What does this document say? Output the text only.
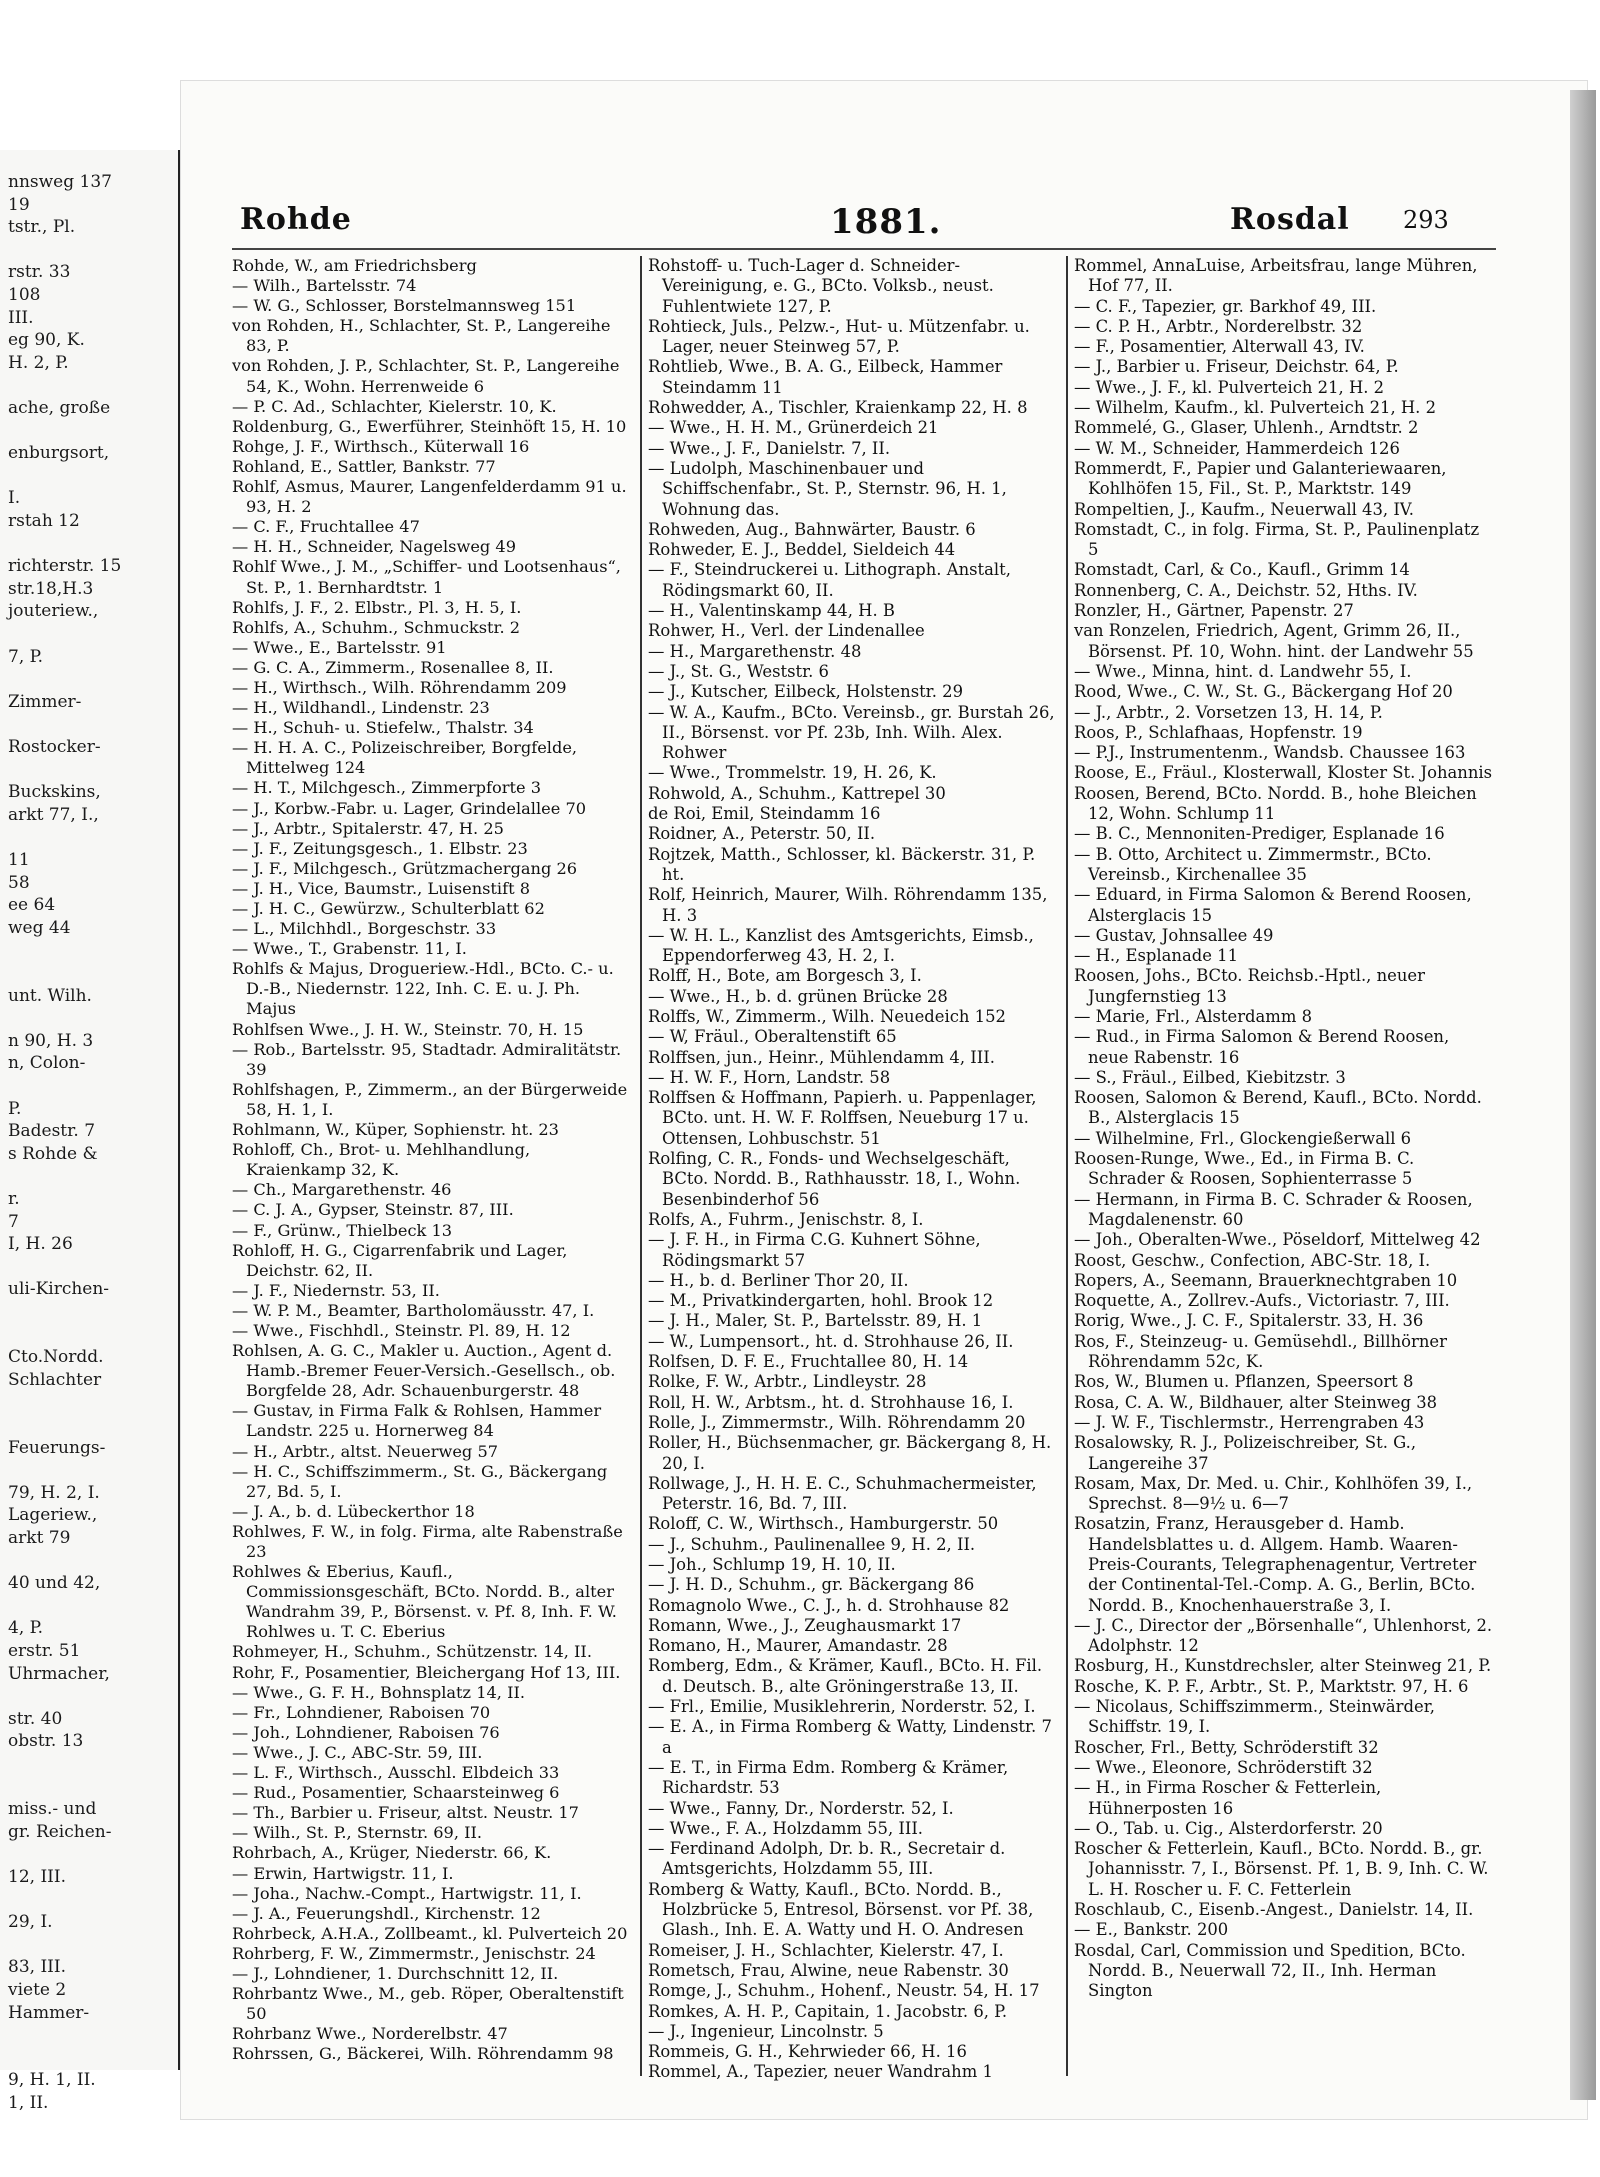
nnsweg 137
19
tstr., Pl.
rstr. 33
108
III.
eg 90, K.
H. 2, P.
ache, große
enburgsort,
I.
rstah 12
richterstr. 15
str.18,H.3
jouterіew.,
7, P.
Zimmer-
Rostocker-
Buckskins,
arkt 77, I.,
11
58
ee 64
weg 44
unt. Wilh.
n 90, H. 3
n, Colon-
P.
Badestr. 7
s Rohde &
r.
7
I, H. 26
uli-Kirchen-
Cto.Nordd.
Schlachter
Feuerungs-
79, H. 2, I.
Lagerіew.,
arkt 79
40 und 42,
4, P.
erstr. 51
Uhrmacher,
str. 40
obstr. 13
miss.- und
gr. Reichen-
12, III.
29, I.
83, III.
viete 2
Hammer-
9, H. 1, II.
1, II.
Rohde	1881.	Rosdal 293

Rohde, W., am Friedrichsberg

— Wilh., Bartelsstr. 74

— W. G., Schlosser, Borstelmannsweg 151

von Rohden, H., Schlachter, St. P., Langereihe 83, P.

von Rohden, J. P., Schlachter, St. P., Langereihe 54, K., Wohn. Herrenweide 6

— P. C. Ad., Schlachter, Kielerstr. 10, K.

Roldenburg, G., Ewerführer, Steinhöft 15, H. 10

Rohge, J. F., Wirthsch., Küterwall 16

Rohland, E., Sattler, Bankstr. 77

Rohlf, Asmus, Maurer, Langenfelderdamm 91 u. 93, H. 2

— C. F., Fruchtallee 47

— H. H., Schneider, Nagelsweg 49

Rohlf Wwe., J. M., „Schiffer- und Lootsenhaus“, St. P., 1. Bernhardtstr. 1

Rohlfs, J. F., 2. Elbstr., Pl. 3, H. 5, I.

Rohlfs, A., Schuhm., Schmuckstr. 2

— Wwe., E., Bartelsstr. 91

— G. C. A., Zimmerm., Rosenallee 8, II.

— H., Wirthsch., Wilh. Röhrendamm 209

— H., Wildhandl., Lindenstr. 23

— H., Schuh- u. Stiefelw., Thalstr. 34

— H. H. A. C., Polizeischreiber, Borgfelde, Mittelweg 124

— H. T., Milchgesch., Zimmerpforte 3

— J., Korbw.-Fabr. u. Lager, Grindelallee 70

— J., Arbtr., Spitalerstr. 47, H. 25

— J. F., Zeitungsgesch., 1. Elbstr. 23

— J. F., Milchgesch., Grützmachergang 26

— J. H., Vice, Baumstr., Luisenstift 8

— J. H. C., Gewürzw., Schulterblatt 62

— L., Milchhdl., Borgeschstr. 33

— Wwe., T., Grabenstr. 11, I.

Rohlfs & Majus, Drogueriew.-Hdl., BCto. C.- u. D.-B., Niedernstr. 122, Inh. C. E. u. J. Ph. Majus

Rohlfsen Wwe., J. H. W., Steinstr. 70, H. 15

— Rob., Bartelsstr. 95, Stadtadr. Admiralitätstr. 39

Rohlfshagen, P., Zimmerm., an der Bürgerweide 58, H. 1, I.

Rohlmann, W., Küper, Sophienstr. ht. 23

Rohloff, Ch., Brot- u. Mehlhandlung, Kraienkamp 32, K.

— Ch., Margarethenstr. 46

— C. J. A., Gypser, Steinstr. 87, III.

— F., Grünw., Thielbeck 13

Rohloff, H. G., Cigarrenfabrik und Lager, Deichstr. 62, II.

— J. F., Niedernstr. 53, II.

— W. P. M., Beamter, Bartholomäusstr. 47, I.

— Wwe., Fischhdl., Steinstr. Pl. 89, H. 12

Rohlsen, A. G. C., Makler u. Auction., Agent d. Hamb.-Bremer Feuer-Versich.-Gesellsch., ob. Borgfelde 28, Adr. Schauenburgerstr. 48

— Gustav, in Firma Falk & Rohlsen, Hammer Landstr. 225 u. Hornerweg 84

— H., Arbtr., altst. Neuerweg 57

— H. C., Schiffszimmerm., St. G., Bäckergang 27, Bd. 5, I.

— J. A., b. d. Lübeckerthor 18

Rohlwes, F. W., in folg. Firma, alte Rabenstraße 23

Rohlwes & Eberius, Kaufl., Commissionsgeschäft, BCto. Nordd. B., alter Wandrahm 39, P., Börsenst. v. Pf. 8, Inh. F. W. Rohlwes u. T. C. Eberius

Rohmeyer, H., Schuhm., Schützenstr. 14, II.

Rohr, F., Posamentier, Bleichergang Hof 13, III.

— Wwe., G. F. H., Bohnsplatz 14, II.

— Fr., Lohndiener, Raboisen 70

— Joh., Lohndiener, Raboisen 76

— Wwe., J. C., ABC-Str. 59, III.

— L. F., Wirthsch., Ausschl. Elbdeich 33

— Rud., Posamentier, Schaarsteinweg 6

— Th., Barbier u. Friseur, altst. Neustr. 17

— Wilh., St. P., Sternstr. 69, II.

Rohrbach, A., Krüger, Niederstr. 66, K.

— Erwin, Hartwigstr. 11, I.

— Joha., Nachw.-Compt., Hartwigstr. 11, I.

— J. A., Feuerungshdl., Kirchenstr. 12

Rohrbeck, A.H.A., Zollbeamt., kl. Pulverteich 20

Rohrberg, F. W., Zimmermstr., Jenischstr. 24

— J., Lohndiener, 1. Durchschnitt 12, II.

Rohrbantz Wwe., M., geb. Röper, Oberaltenstift 50

Rohrbanz Wwe., Norderelbstr. 47

Rohrssen, G., Bäckerei, Wilh. Röhrendamm 98

Rohstoff- u. Tuch-Lager d. Schneider-Vereinigung, e. G., BCto. Volksb., neust. Fuhlentwiete 127, P.

Rohtieck, Juls., Pelzw.-, Hut- u. Mützenfabr. u. Lager, neuer Steinweg 57, P.

Rohtlieb, Wwe., B. A. G., Eilbeck, Hammer Steindamm 11

Rohwedder, A., Tischler, Kraienkamp 22, H. 8

— Wwe., H. H. M., Grünerdeich 21

— Wwe., J. F., Danielstr. 7, II.

— Ludolph, Maschinenbauer und Schiffschenfabr., St. P., Sternstr. 96, H. 1, Wohnung das.

Rohweden, Aug., Bahnwärter, Baustr. 6

Rohweder, E. J., Beddel, Sieldeich 44

— F., Steindruckerei u. Lithograph. Anstalt, Rödingsmarkt 60, II.

— H., Valentinskamp 44, H. B

Rohwer, H., Verl. der Lindenallee

— H., Margarethenstr. 48

— J., St. G., Weststr. 6

— J., Kutscher, Eilbeck, Holstenstr. 29

— W. A., Kaufm., BCto. Vereinsb., gr. Burstah 26, II., Börsenst. vor Pf. 23b, Inh. Wilh. Alex. Rohwer

— Wwe., Trommelstr. 19, H. 26, K.

Rohwold, A., Schuhm., Kattrepel 30

de Roi, Emil, Steindamm 16

Roidner, A., Peterstr. 50, II.

Rojtzek, Matth., Schlosser, kl. Bäckerstr. 31, P. ht.

Rolf, Heinrich, Maurer, Wilh. Röhrendamm 135, H. 3

— W. H. L., Kanzlist des Amtsgerichts, Eimsb., Eppendorferweg 43, H. 2, I.

Rolff, H., Bote, am Borgesch 3, I.

— Wwe., H., b. d. grünen Brücke 28

Rolffs, W., Zimmerm., Wilh. Neuedeich 152

— W, Fräul., Oberaltenstift 65

Rolffsen, jun., Heinr., Mühlendamm 4, III.

— H. W. F., Horn, Landstr. 58

Rolffsen & Hoffmann, Papierh. u. Pappenlager, BCto. unt. H. W. F. Rolffsen, Neueburg 17 u. Ottensen, Lohbuschstr. 51

Rolfing, C. R., Fonds- und Wechselgeschäft, BCto. Nordd. B., Rathhausstr. 18, I., Wohn. Besenbinderhof 56

Rolfs, A., Fuhrm., Jenischstr. 8, I.

— J. F. H., in Firma C.G. Kuhnert Söhne, Rödingsmarkt 57

— H., b. d. Berliner Thor 20, II.

— M., Privatkindergarten, hohl. Brook 12

— J. H., Maler, St. P., Bartelsstr. 89, H. 1

— W., Lumpensort., ht. d. Strohhause 26, II.

Rolfsen, D. F. E., Fruchtallee 80, H. 14

Rolke, F. W., Arbtr., Lindleystr. 28

Roll, H. W., Arbtsm., ht. d. Strohhause 16, I.

Rolle, J., Zimmermstr., Wilh. Röhrendamm 20

Roller, H., Büchsenmacher, gr. Bäckergang 8, H. 20, I.

Rollwage, J., H. H. E. C., Schuhmachermeister, Peterstr. 16, Bd. 7, III.

Roloff, C. W., Wirthsch., Hamburgerstr. 50

— J., Schuhm., Paulinenallee 9, H. 2, II.

— Joh., Schlump 19, H. 10, II.

— J. H. D., Schuhm., gr. Bäckergang 86

Romagnolo Wwe., C. J., h. d. Strohhause 82

Romann, Wwe., J., Zeughausmarkt 17

Romano, H., Maurer, Amandastr. 28

Romberg, Edm., & Krämer, Kaufl., BCto. H. Fil. d. Deutsch. B., alte Gröningerstraße 13, II.

— Frl., Emilie, Musiklehrerin, Norderstr. 52, I.

— E. A., in Firma Romberg & Watty, Lindenstr. 7 a

— E. T., in Firma Edm. Romberg & Krämer, Richardstr. 53

— Wwe., Fanny, Dr., Norderstr. 52, I.

— Wwe., F. A., Holzdamm 55, III.

— Ferdinand Adolph, Dr. b. R., Secretair d. Amtsgerichts, Holzdamm 55, III.

Romberg & Watty, Kaufl., BCto. Nordd. B., Holzbrücke 5, Entresol, Börsenst. vor Pf. 38, Glash., Inh. E. A. Watty und H. O. Andresen

Romeiser, J. H., Schlachter, Kielerstr. 47, I.

Rometsch, Frau, Alwine, neue Rabenstr. 30

Romge, J., Schuhm., Hohenf., Neustr. 54, H. 17

Romkes, A. H. P., Capitain, 1. Jacobstr. 6, P.

— J., Ingenieur, Lincolnstr. 5

Rommeis, G. H., Kehrwieder 66, H. 16

Rommel, A., Tapezier, neuer Wandrahm 1

Rommel, AnnaLuise, Arbeitsfrau, lange Mühren, Hof 77, II.

— C. F., Tapezier, gr. Barkhof 49, III.

— C. P. H., Arbtr., Norderelbstr. 32

— F., Posamentier, Alterwall 43, IV.

— J., Barbier u. Friseur, Deichstr. 64, P.

— Wwe., J. F., kl. Pulverteich 21, H. 2

— Wilhelm, Kaufm., kl. Pulverteich 21, H. 2

Rommelé, G., Glaser, Uhlenh., Arndtstr. 2

— W. M., Schneider, Hammerdeich 126

Rommerdt, F., Papier und Galanteriewaaren, Kohlhöfen 15, Fil., St. P., Marktstr. 149

Rompeltien, J., Kaufm., Neuerwall 43, IV.

Romstadt, C., in folg. Firma, St. P., Paulinenplatz 5

Romstadt, Carl, & Co., Kaufl., Grimm 14

Ronnenberg, C. A., Deichstr. 52, Hths. IV.

Ronzler, H., Gärtner, Papenstr. 27

van Ronzelen, Friedrich, Agent, Grimm 26, II., Börsenst. Pf. 10, Wohn. hint. der Landwehr 55

— Wwe., Minna, hint. d. Landwehr 55, I.

Rood, Wwe., C. W., St. G., Bäckergang Hof 20

— J., Arbtr., 2. Vorsetzen 13, H. 14, P.

Roos, P., Schlafhaas, Hopfenstr. 19

— P.J., Instrumentenm., Wandsb. Chaussee 163

Roose, E., Fräul., Klosterwall, Kloster St. Johannis

Roosen, Berend, BCto. Nordd. B., hohe Bleichen 12, Wohn. Schlump 11

— B. C., Mennoniten-Prediger, Esplanade 16

— B. Otto, Architect u. Zimmermstr., BCto. Vereinsb., Kirchenallee 35

— Eduard, in Firma Salomon & Berend Roosen, Alsterglacis 15

— Gustav, Johnsallee 49

— H., Esplanade 11

Roosen, Johs., BCto. Reichsb.-Hptl., neuer Jungfernstieg 13

— Marie, Frl., Alsterdamm 8

— Rud., in Firma Salomon & Berend Roosen, neue Rabenstr. 16

— S., Fräul., Eilbed, Kiebitzstr. 3

Roosen, Salomon & Berend, Kaufl., BCto. Nordd. B., Alsterglacis 15

— Wilhelmine, Frl., Glockengießerwall 6

Roosen-Runge, Wwe., Ed., in Firma B. C. Schrader & Roosen, Sophienterrasse 5

— Hermann, in Firma B. C. Schrader & Roosen, Magdalenenstr. 60

— Joh., Oberalten-Wwe., Pöseldorf, Mittelweg 42

Roost, Geschw., Confection, ABC-Str. 18, I.

Ropers, A., Seemann, Brauerknechtgraben 10

Roquette, A., Zollrev.-Aufs., Victoriastr. 7, III.

Rorig, Wwe., J. C. F., Spitalerstr. 33, H. 36

Ros, F., Steinzeug- u. Gemüsehdl., Billhörner Röhrendamm 52c, K.

Ros, W., Blumen u. Pflanzen, Speersort 8

Rosa, C. A. W., Bildhauer, alter Steinweg 38

— J. W. F., Tischlermstr., Herrengraben 43

Rosalowsky, R. J., Polizeischreiber, St. G., Langereihe 37

Rosam, Max, Dr. Med. u. Chir., Kohlhöfen 39, I., Sprechst. 8—9½ u. 6—7

Rosatzin, Franz, Herausgeber d. Hamb. Handelsblattes u. d. Allgem. Hamb. Waaren-Preis-Courants, Telegraphenagentur, Vertreter der Continental-Tel.-Comp. A. G., Berlin, BCto. Nordd. B., Knochenhauerstraße 3, I.

— J. C., Director der „Börsenhalle“, Uhlenhorst, 2. Adolphstr. 12

Rosburg, H., Kunstdrechsler, alter Steinweg 21, P.

Rosche, K. P. F., Arbtr., St. P., Marktstr. 97, H. 6

— Nicolaus, Schiffszimmerm., Steinwärder, Schiffstr. 19, I.

Roscher, Frl., Betty, Schröderstift 32

— Wwe., Eleonore, Schröderstift 32

— H., in Firma Roscher & Fetterlein, Hühnerposten 16

— O., Tab. u. Cig., Alsterdorferstr. 20

Roscher & Fetterlein, Kaufl., BCto. Nordd. B., gr. Johannisstr. 7, I., Börsenst. Pf. 1, B. 9, Inh. C. W. L. H. Roscher u. F. C. Fetterlein

Roschlaub, C., Eisenb.-Angest., Danielstr. 14, II.

— E., Bankstr. 200

Rosdal, Carl, Commission und Spedition, BCto. Nordd. B., Neuerwall 72, II., Inh. Herman Sington
